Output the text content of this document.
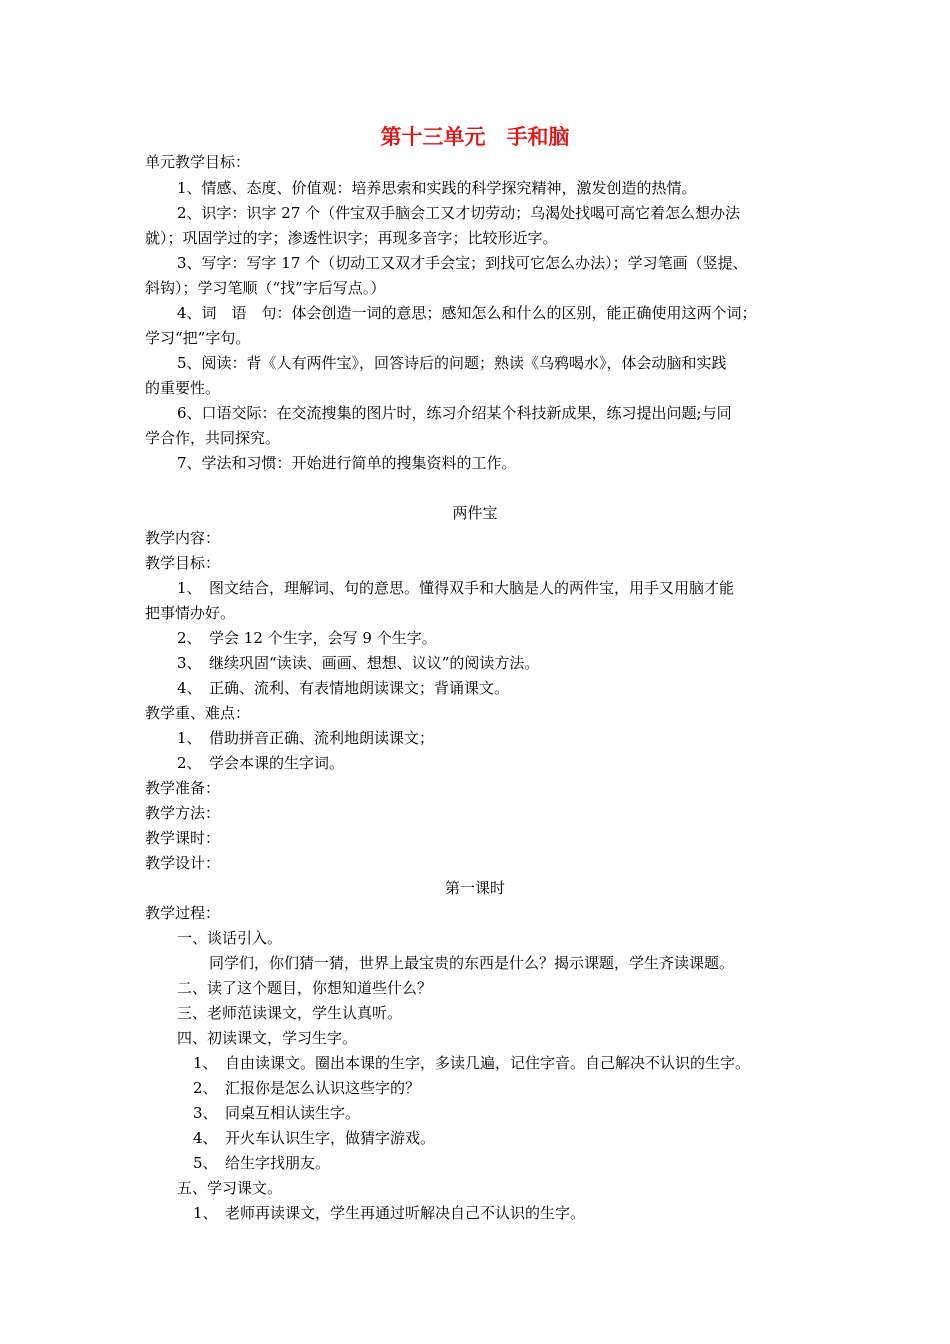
第十三单元　手和脑
单元教学目标：
1、情感、态度、价值观：培养思索和实践的科学探究精神，激发创造的热情。
2、识字：识字 27 个（件宝双手脑会工又才切劳动；乌渴处找喝可高它着怎么想办法
就）；巩固学过的字；渗透性识字；再现多音字；比较形近字。
3、写字：写字 17 个（切动工又双才手会宝；到找可它怎么办法）；学习笔画（竖提、
斜钩）；学习笔顺（“找”字后写点。）
4、词　语　句：体会创造一词的意思；感知怎么和什么的区别，能正确使用这两个词；
学习“把”字句。
5、阅读：背《人有两件宝》，回答诗后的问题；熟读《乌鸦喝水》，体会动脑和实践
的重要性。
6、口语交际：在交流搜集的图片时，练习介绍某个科技新成果，练习提出问题;与同
学合作，共同探究。
7、学法和习惯：开始进行简单的搜集资料的工作。
两件宝
教学内容：
教学目标：
1、　图文结合，理解词、句的意思。懂得双手和大脑是人的两件宝，用手又用脑才能
把事情办好。
2、　学会 12 个生字，会写 9 个生字。
3、　继续巩固“读读、画画、想想、议议”的阅读方法。
4、　正确、流利、有表情地朗读课文；背诵课文。
教学重、难点：
1、　借助拼音正确、流利地朗读课文；
2、　学会本课的生字词。
教学准备：
教学方法：
教学课时：
教学设计：
第一课时
教学过程：
一、谈话引入。
同学们，你们猜一猜，世界上最宝贵的东西是什么？揭示课题，学生齐读课题。
二、读了这个题目，你想知道些什么？
三、老师范读课文，学生认真听。
四、初读课文，学习生字。
1、　自由读课文。圈出本课的生字，多读几遍，记住字音。自己解决不认识的生字。
2、　汇报你是怎么认识这些字的？
3、　同桌互相认读生字。
4、　开火车认识生字，做猜字游戏。
5、　给生字找朋友。
五、学习课文。
1、　老师再读课文，学生再通过听解决自己不认识的生字。
